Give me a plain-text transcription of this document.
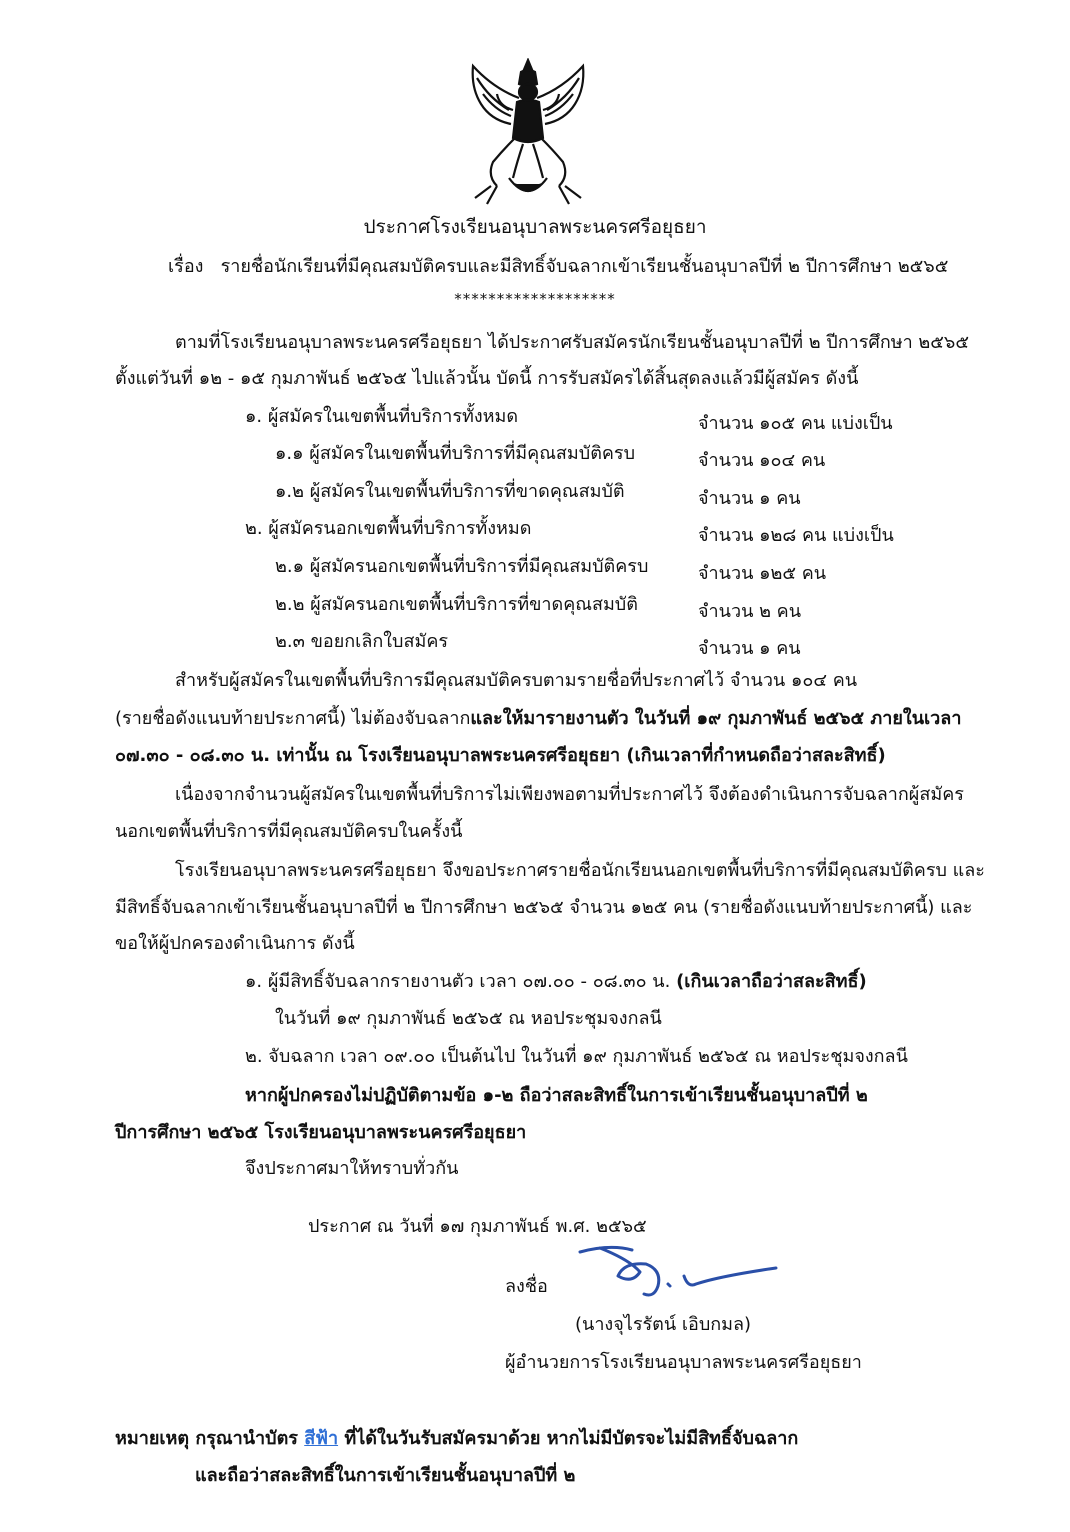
ประกาศโรงเรียนอนุบาลพระนครศรีอยุธยา
เรื่อง รายชื่อนักเรียนที่มีคุณสมบัติครบและมีสิทธิ์จับฉลากเข้าเรียนชั้นอนุบาลปีที่ ๒ ปีการศึกษา ๒๕๖๕
*******************
ตามที่โรงเรียนอนุบาลพระนครศรีอยุธยา ได้ประกาศรับสมัครนักเรียนชั้นอนุบาลปีที่ ๒ ปีการศึกษา ๒๕๖๕
ตั้งแต่วันที่ ๑๒ - ๑๕ กุมภาพันธ์ ๒๕๖๕ ไปแล้วนั้น บัดนี้ การรับสมัครได้สิ้นสุดลงแล้วมีผู้สมัคร ดังนี้
๑. ผู้สมัครในเขตพื้นที่บริการทั้งหมด	จำนวน ๑๐๕ คน แบ่งเป็น
๑.๑ ผู้สมัครในเขตพื้นที่บริการที่มีคุณสมบัติครบ	จำนวน ๑๐๔ คน
๑.๒ ผู้สมัครในเขตพื้นที่บริการที่ขาดคุณสมบัติ	จำนวน ๑ คน
๒. ผู้สมัครนอกเขตพื้นที่บริการทั้งหมด	จำนวน ๑๒๘ คน แบ่งเป็น
๒.๑ ผู้สมัครนอกเขตพื้นที่บริการที่มีคุณสมบัติครบ	จำนวน ๑๒๕ คน
๒.๒ ผู้สมัครนอกเขตพื้นที่บริการที่ขาดคุณสมบัติ	จำนวน ๒ คน
๒.๓ ขอยกเลิกใบสมัคร	จำนวน ๑ คน
สำหรับผู้สมัครในเขตพื้นที่บริการมีคุณสมบัติครบตามรายชื่อที่ประกาศไว้ จำนวน ๑๐๔ คน
(รายชื่อดังแนบท้ายประกาศนี้) ไม่ต้องจับฉลากและให้มารายงานตัว ในวันที่ ๑๙ กุมภาพันธ์ ๒๕๖๕ ภายในเวลา
๐๗.๓๐ - ๐๘.๓๐ น. เท่านั้น ณ โรงเรียนอนุบาลพระนครศรีอยุธยา (เกินเวลาที่กำหนดถือว่าสละสิทธิ์)
เนื่องจากจำนวนผู้สมัครในเขตพื้นที่บริการไม่เพียงพอตามที่ประกาศไว้ จึงต้องดำเนินการจับฉลากผู้สมัคร
นอกเขตพื้นที่บริการที่มีคุณสมบัติครบในครั้งนี้
โรงเรียนอนุบาลพระนครศรีอยุธยา จึงขอประกาศรายชื่อนักเรียนนอกเขตพื้นที่บริการที่มีคุณสมบัติครบ และ
มีสิทธิ์จับฉลากเข้าเรียนชั้นอนุบาลปีที่ ๒ ปีการศึกษา ๒๕๖๕ จำนวน ๑๒๕ คน (รายชื่อดังแนบท้ายประกาศนี้) และ
ขอให้ผู้ปกครองดำเนินการ ดังนี้
๑. ผู้มีสิทธิ์จับฉลากรายงานตัว เวลา ๐๗.๐๐ - ๐๘.๓๐ น. (เกินเวลาถือว่าสละสิทธิ์)
ในวันที่ ๑๙ กุมภาพันธ์ ๒๕๖๕ ณ หอประชุมจงกลนี
๒. จับฉลาก เวลา ๐๙.๐๐ เป็นต้นไป ในวันที่ ๑๙ กุมภาพันธ์ ๒๕๖๕ ณ หอประชุมจงกลนี
หากผู้ปกครองไม่ปฏิบัติตามข้อ ๑-๒ ถือว่าสละสิทธิ์ในการเข้าเรียนชั้นอนุบาลปีที่ ๒
ปีการศึกษา ๒๕๖๕ โรงเรียนอนุบาลพระนครศรีอยุธยา
จึงประกาศมาให้ทราบทั่วกัน
ประกาศ ณ วันที่ ๑๗ กุมภาพันธ์ พ.ศ. ๒๕๖๕
ลงชื่อ
(นางจุไรรัตน์ เอิบกมล)
ผู้อำนวยการโรงเรียนอนุบาลพระนครศรีอยุธยา
หมายเหตุ กรุณานำบัตร สีฟ้า ที่ได้ในวันรับสมัครมาด้วย หากไม่มีบัตรจะไม่มีสิทธิ์จับฉลาก
และถือว่าสละสิทธิ์ในการเข้าเรียนชั้นอนุบาลปีที่ ๒
